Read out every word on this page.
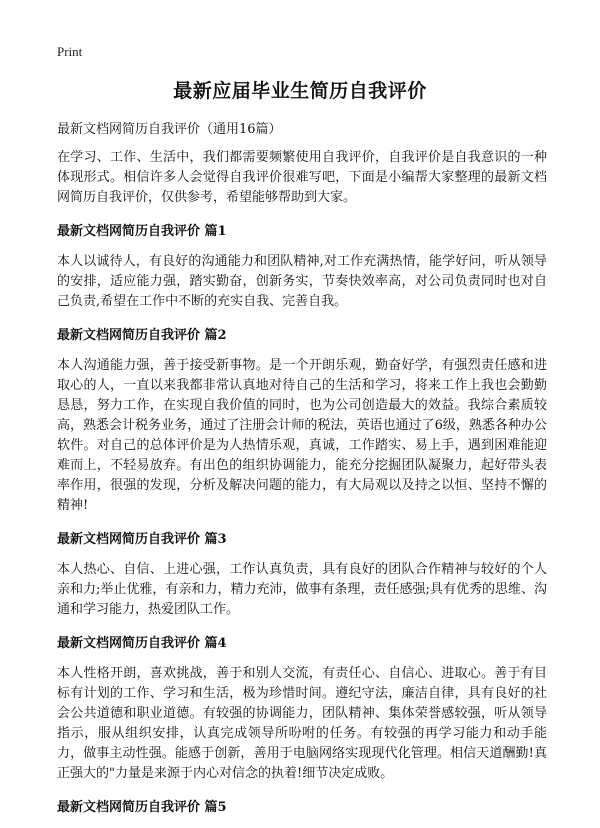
Print
最新应届毕业生简历自我评价

最新文档网简历自我评价（通用16篇）

在学习、工作、生活中，我们都需要频繁使用自我评价，自我评价是自我意识的一种体现形式。相信许多人会觉得自我评价很难写吧，下面是小编帮大家整理的最新文档网简历自我评价，仅供参考，希望能够帮助到大家。

最新文档网简历自我评价 篇1

本人以诚待人，有良好的沟通能力和团队精神,对工作充满热情，能学好问，听从领导的安排，适应能力强，踏实勤奋，创新务实，节奏快效率高，对公司负责同时也对自己负责,希望在工作中不断的充实自我、完善自我。

最新文档网简历自我评价 篇2

本人沟通能力强，善于接受新事物。是一个开朗乐观，勤奋好学，有强烈责任感和进取心的人，一直以来我都非常认真地对待自己的生活和学习，将来工作上我也会勤勤恳恳，努力工作，在实现自我价值的同时，也为公司创造最大的效益。我综合素质较高，熟悉会计税务业务，通过了注册会计师的税法，英语也通过了6级，熟悉各种办公软件。对自己的总体评价是为人热情乐观，真诚，工作踏实、易上手，遇到困难能迎难而上，不轻易放弃。有出色的组织协调能力，能充分挖掘团队凝聚力，起好带头表率作用，很强的发现，分析及解决问题的能力，有大局观以及持之以恒、坚持不懈的精神!

最新文档网简历自我评价 篇3

本人热心、自信、上进心强，工作认真负责，具有良好的团队合作精神与较好的个人亲和力;举止优雅，有亲和力，精力充沛，做事有条理，责任感强;具有优秀的思维、沟通和学习能力，热爱团队工作。

最新文档网简历自我评价 篇4

本人性格开朗，喜欢挑战，善于和别人交流，有责任心、自信心、进取心。善于有目标有计划的工作、学习和生活，极为珍惜时间。遵纪守法，廉洁自律，具有良好的社会公共道德和职业道德。有较强的协调能力，团队精神、集体荣誉感较强，听从领导指示，服从组织安排，认真完成领导所吩咐的任务。有较强的再学习能力和动手能力，做事主动性强。能感于创新，善用于电脑网络实现现代化管理。相信天道酬勤!真正强大的"力量是来源于内心对信念的执着!细节决定成败。

最新文档网简历自我评价 篇5
